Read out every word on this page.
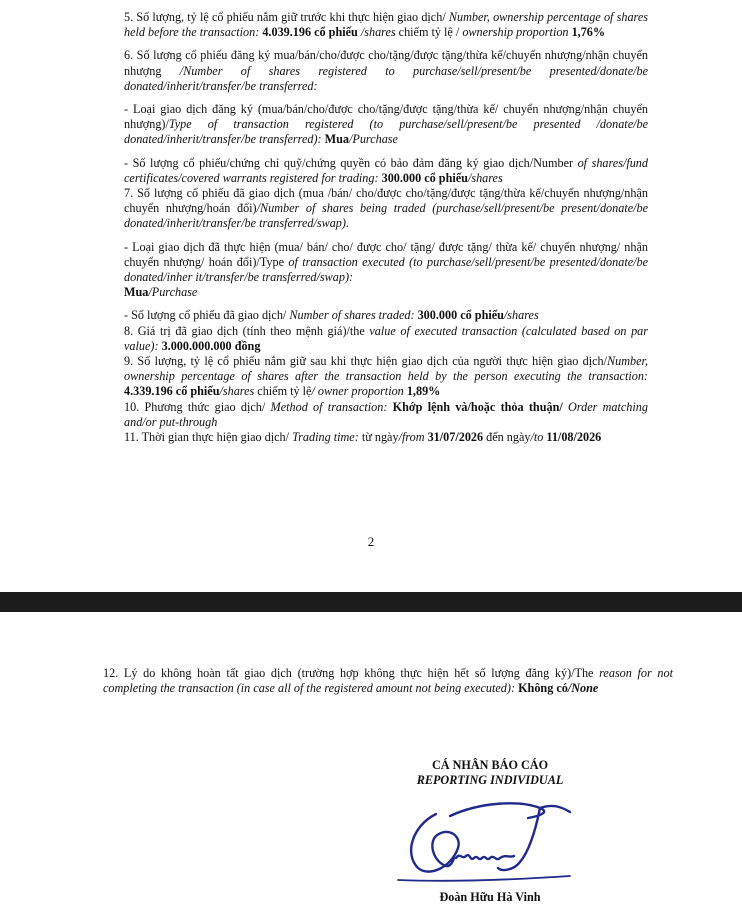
5. Số lượng, tỷ lệ cổ phiếu nắm giữ trước khi thực hiện giao dịch/ Number, ownership percentage of shares held before the transaction: 4.039.196 cổ phiếu /shares chiếm tỷ lệ / ownership proportion 1,76%

6. Số lượng cổ phiếu đăng ký mua/bán/cho/được cho/tặng/được tặng/thừa kế/chuyển nhượng/nhận chuyển nhượng /Number of shares registered to purchase/sell/present/be presented/donate/be donated/inherit/transfer/be transferred:

- Loại giao dịch đăng ký (mua/bán/cho/được cho/tặng/được tặng/thừa kế/ chuyển nhượng/nhận chuyển nhượng)/Type of transaction registered (to purchase/sell/present/be presented /donate/be donated/inherit/transfer/be transferred): Mua/Purchase

- Số lượng cổ phiếu/chứng chỉ quỹ/chứng quyền có bảo đảm đăng ký giao dịch/Number of shares/fund certificates/covered warrants registered for trading: 300.000 cổ phiếu/shares

7. Số lượng cổ phiếu đã giao dịch (mua /bán/ cho/được cho/tặng/được tặng/thừa kế/chuyển nhượng/nhận chuyển nhượng/hoán đổi)/Number of shares being traded (purchase/sell/present/be present/donate/be donated/inherit/transfer/be transferred/swap).

- Loại giao dịch đã thực hiện (mua/ bán/ cho/ được cho/ tặng/ được tặng/ thừa kế/ chuyển nhượng/ nhận chuyển nhượng/ hoán đổi)/Type of transaction executed (to purchase/sell/present/be presented/donate/be donated/inher it/transfer/be transferred/swap):
Mua/Purchase

- Số lượng cổ phiếu đã giao dịch/ Number of shares traded: 300.000 cổ phiếu/shares

8. Giá trị đã giao dịch (tính theo mệnh giá)/the value of executed transaction (calculated based on par value): 3.000.000.000 đồng

9. Số lượng, tỷ lệ cổ phiếu nắm giữ sau khi thực hiện giao dịch của người thực hiện giao dịch/Number, ownership percentage of shares after the transaction held by the person executing the transaction: 4.339.196 cổ phiếu/shares chiếm tỷ lệ/ owner proportion 1,89%

10. Phương thức giao dịch/ Method of transaction: Khớp lệnh và/hoặc thỏa thuận/ Order matching and/or put-through

11. Thời gian thực hiện giao dịch/ Trading time: từ ngày/from 31/07/2026 đến ngày/to 11/08/2026

2

12. Lý do không hoàn tất giao dịch (trường hợp không thực hiện hết số lượng đăng ký)/The reason for not completing the transaction (in case all of the registered amount not being executed): Không có/None

CÁ NHÂN BÁO CÁO
REPORTING INDIVIDUAL
Đoàn Hữu Hà Vinh
